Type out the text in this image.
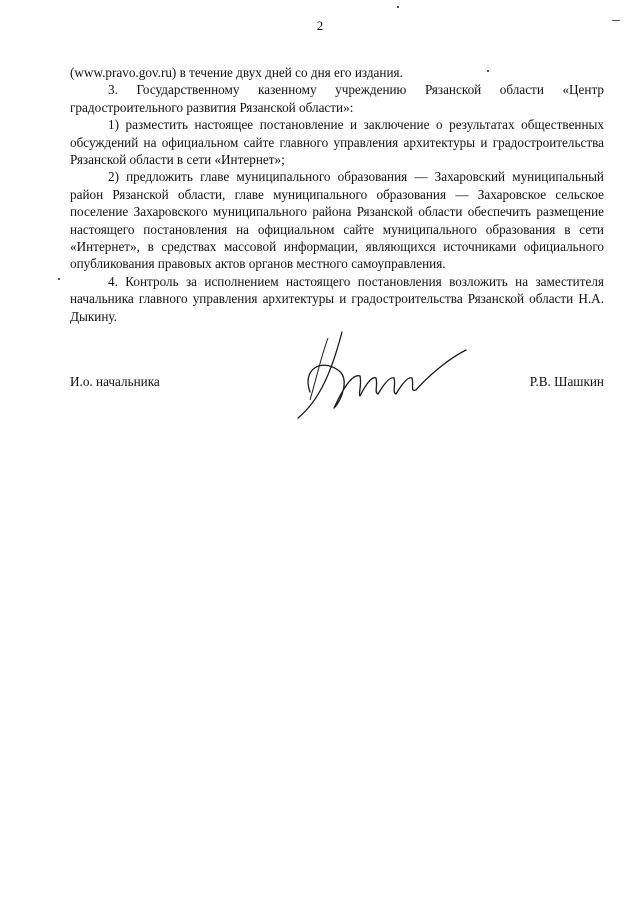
2

(www.pravo.gov.ru) в течение двух дней со дня его издания.

3. Государственному казенному учреждению Рязанской области «Центр градостроительного развития Рязанской области»:

1) разместить настоящее постановление и заключение о результатах общественных обсуждений на официальном сайте главного управления архитектуры и градостроительства Рязанской области в сети «Интернет»;

2) предложить главе муниципального образования — Захаровский муниципальный район Рязанской области, главе муниципального образования — Захаровское сельское поселение Захаровского муниципального района Рязанской области обеспечить размещение настоящего постановления на официальном сайте муниципального образования в сети «Интернет», в средствах массовой информации, являющихся источниками официального опубликования правовых актов органов местного самоуправления.

4. Контроль за исполнением настоящего постановления возложить на заместителя начальника главного управления архитектуры и градостроительства Рязанской области Н.А. Дыкину.

И.о. начальника	Р.В. Шашкин
